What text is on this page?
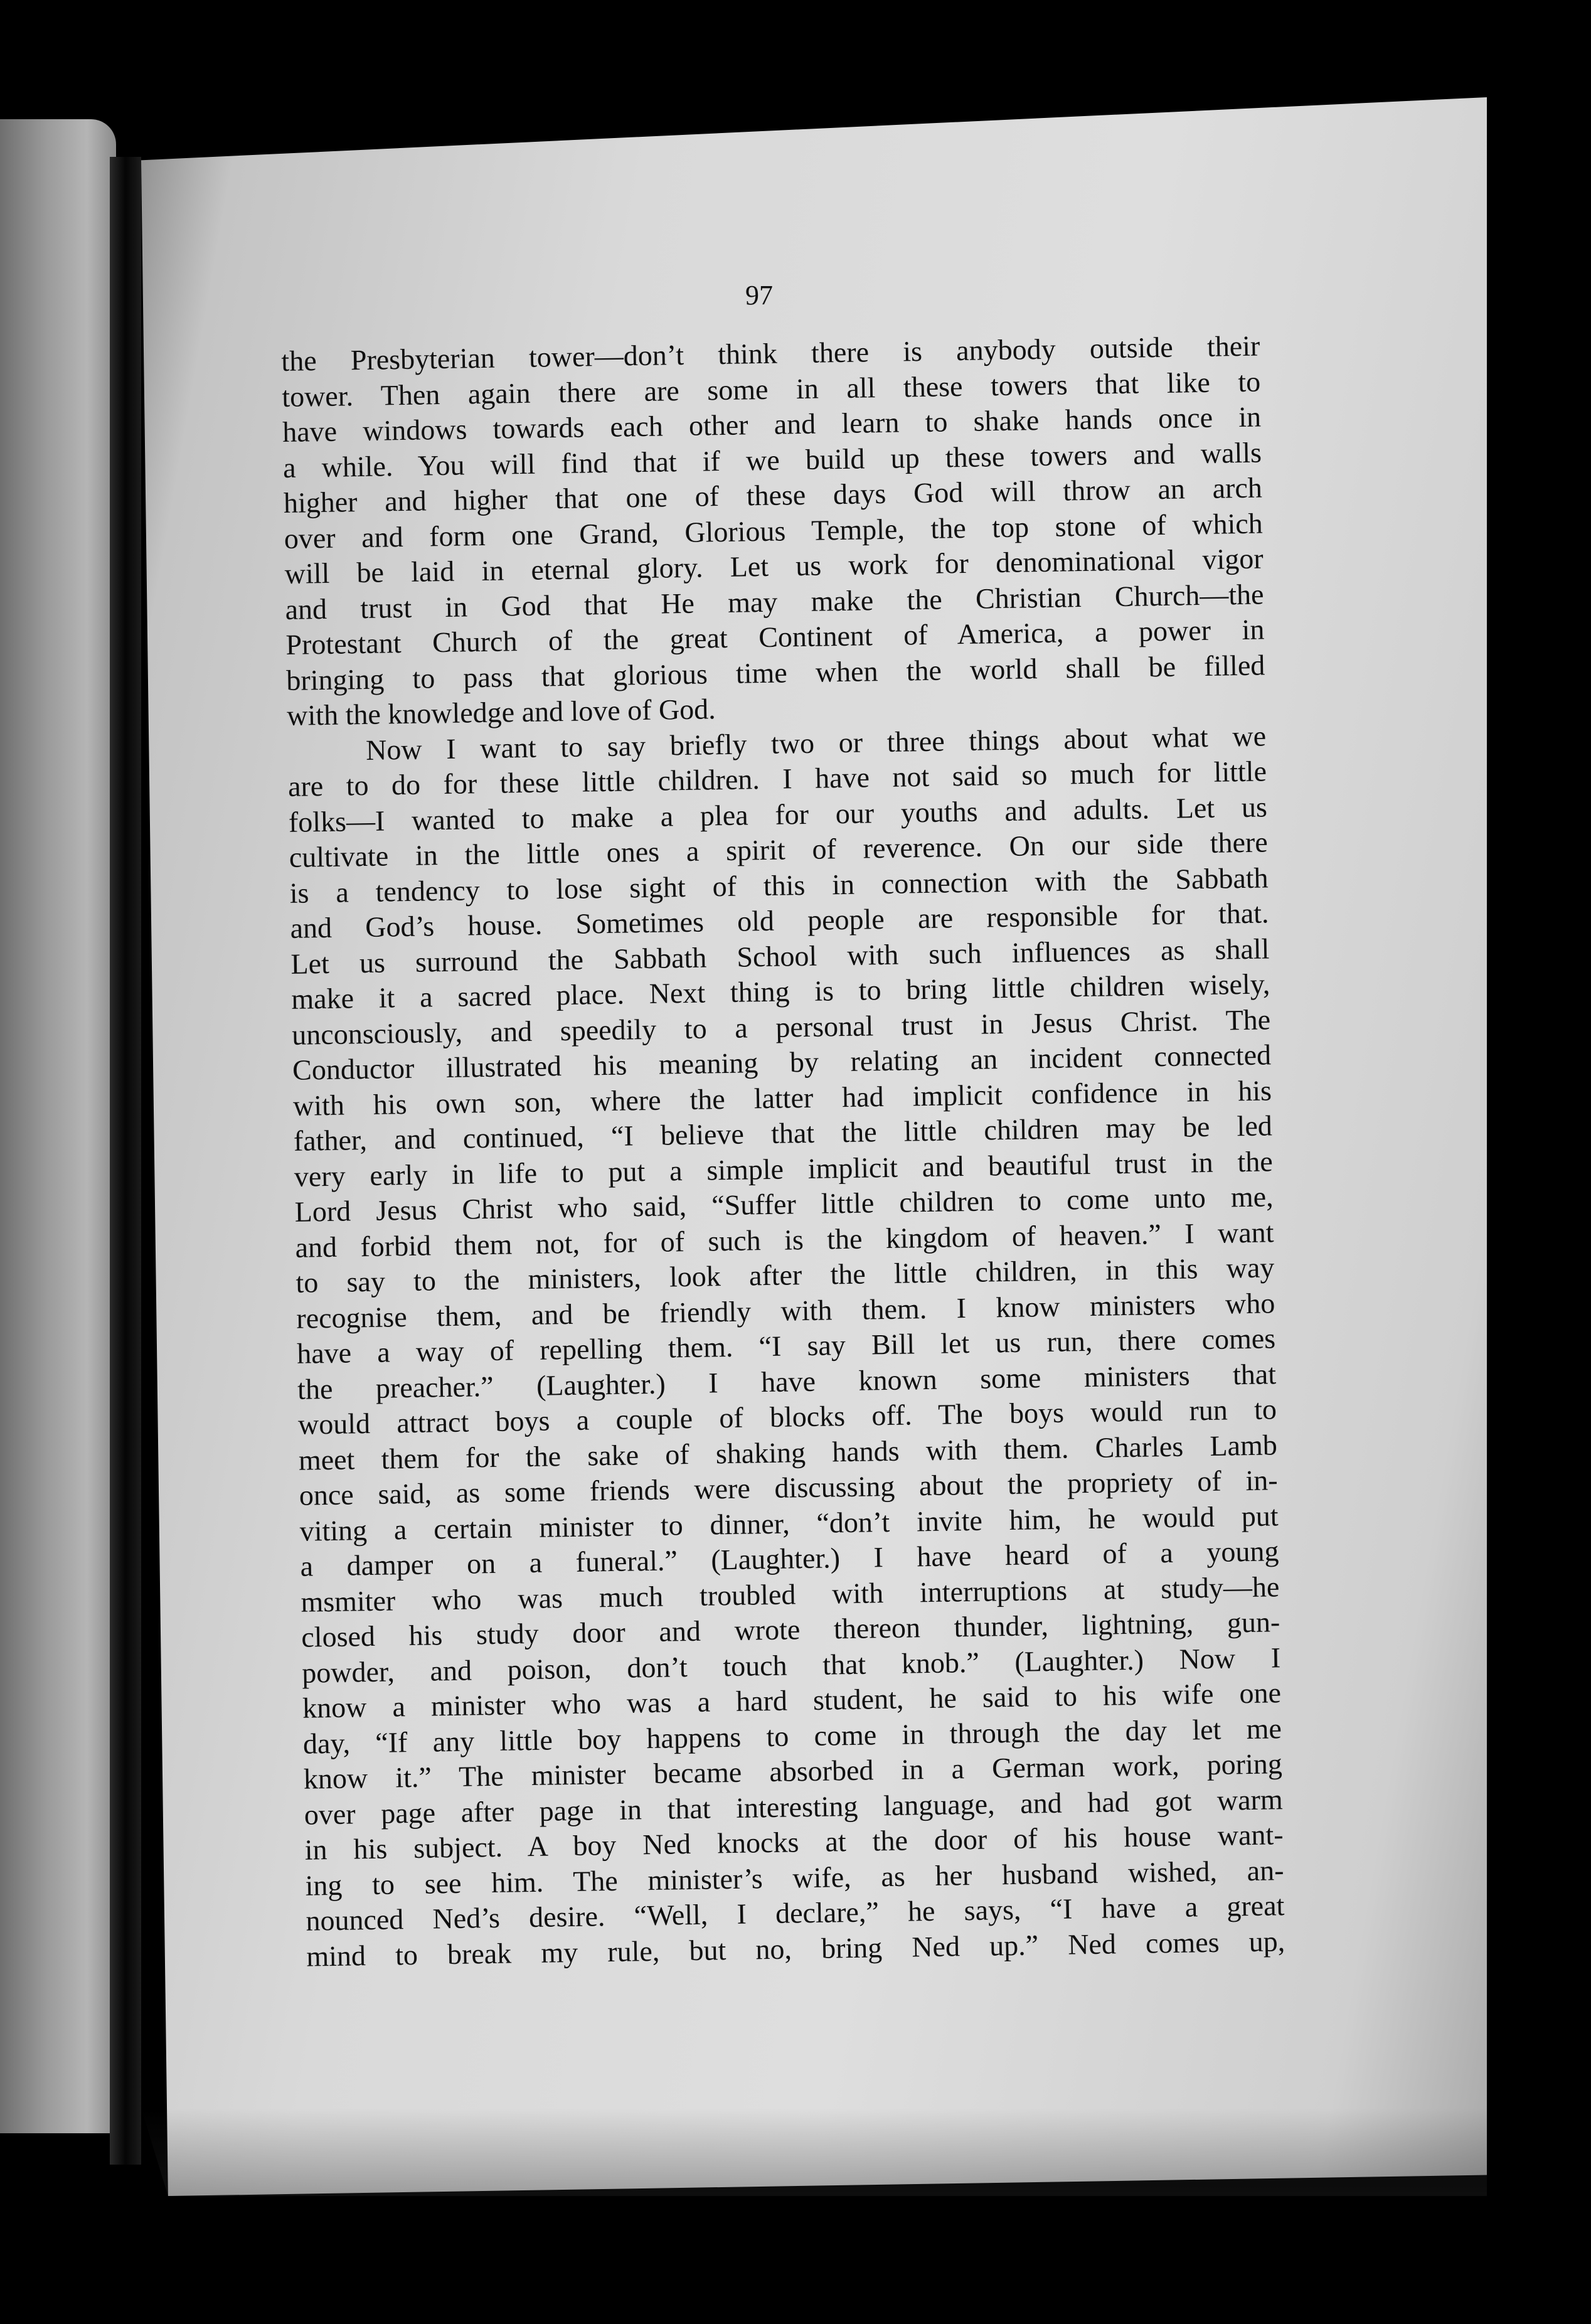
97
the Presbyterian tower—don’t think there is anybody outside their
tower. Then again there are some in all these towers that like to
have windows towards each other and learn to shake hands once in
a while. You will find that if we build up these towers and walls
higher and higher that one of these days God will throw an arch
over and form one Grand, Glorious Temple, the top stone of which
will be laid in eternal glory. Let us work for denominational vigor
and trust in God that He may make the Christian Church—the
Protestant Church of the great Continent of America, a power in
bringing to pass that glorious time when the world shall be filled
with the knowledge and love of God.
Now I want to say briefly two or three things about what we
are to do for these little children. I have not said so much for little
folks—I wanted to make a plea for our youths and adults. Let us
cultivate in the little ones a spirit of reverence. On our side there
is a tendency to lose sight of this in connection with the Sabbath
and God’s house. Sometimes old people are responsible for that.
Let us surround the Sabbath School with such influences as shall
make it a sacred place. Next thing is to bring little children wisely,
unconsciously, and speedily to a personal trust in Jesus Christ. The
Conductor illustrated his meaning by relating an incident connected
with his own son, where the latter had implicit confidence in his
father, and continued, “I believe that the little children may be led
very early in life to put a simple implicit and beautiful trust in the
Lord Jesus Christ who said, “Suffer little children to come unto me,
and forbid them not, for of such is the kingdom of heaven.” I want
to say to the ministers, look after the little children, in this way
recognise them, and be friendly with them. I know ministers who
have a way of repelling them. “I say Bill let us run, there comes
the preacher.” (Laughter.) I have known some ministers that
would attract boys a couple of blocks off. The boys would run to
meet them for the sake of shaking hands with them. Charles Lamb
once said, as some friends were discussing about the propriety of in-
viting a certain minister to dinner, “don’t invite him, he would put
a damper on a funeral.” (Laughter.) I have heard of a young
msmiter who was much troubled with interruptions at study—he
closed his study door and wrote thereon thunder, lightning, gun-
powder, and poison, don’t touch that knob.” (Laughter.) Now I
know a minister who was a hard student, he said to his wife one
day, “If any little boy happens to come in through the day let me
know it.” The minister became absorbed in a German work, poring
over page after page in that interesting language, and had got warm
in his subject. A boy Ned knocks at the door of his house want-
ing to see him. The minister’s wife, as her husband wished, an-
nounced Ned’s desire. “Well, I declare,” he says, “I have a great
mind to break my rule, but no, bring Ned up.” Ned comes up,
